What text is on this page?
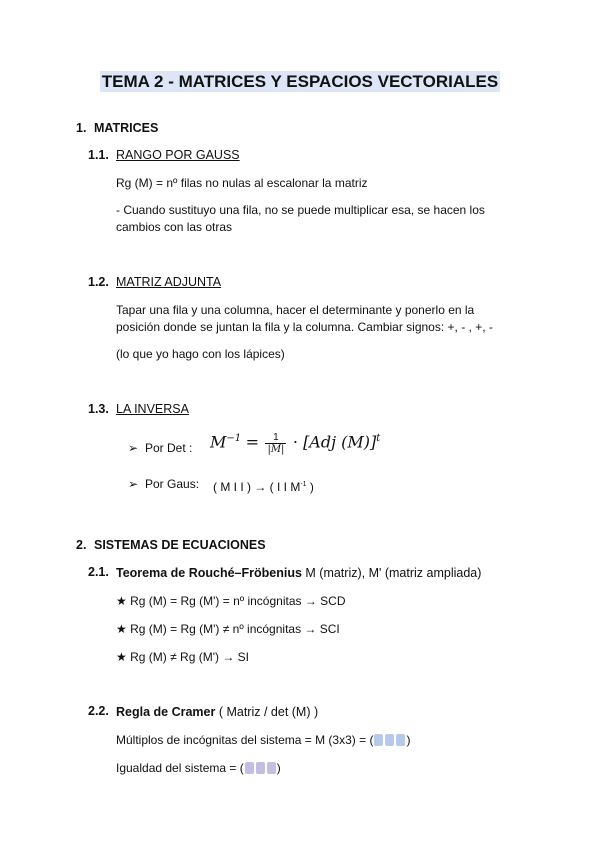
TEMA 2 - MATRICES Y ESPACIOS VECTORIALES
1. MATRICES
1.1. RANGO POR GAUSS
Rg (M) = nº filas no nulas al escalonar la matriz
- Cuando sustituyo una fila, no se puede multiplicar esa, se hacen los
cambios con las otras
1.2. MATRIZ ADJUNTA
Tapar una fila y una columna, hacer el determinante y ponerlo en la
posición donde se juntan la fila y la columna. Cambiar signos: +, - , +, -
(lo que yo hago con los lápices)
1.3. LA INVERSA
➢ Por Det : $M^{-1} = \frac{1}{|M|} \cdot [Adj$ (M)]$^t$
➢ Por Gaus: ( M I I ) → ( I I $M^{-1}$ )
2. SISTEMAS DE ECUACIONES
2.1. Teorema de Rouché–Fröbenius M (matriz), M' (matriz ampliada)
★ Rg (M) = Rg (M') = nº incógnitas → SCD
★ Rg (M) = Rg (M') ≠ nº incógnitas → SCI
★ Rg (M) ≠ Rg (M') → SI
2.2. Regla de Cramer ( Matriz / det (M) )
Múltiplos de incógnitas del sistema = M (3x3) = (	)
Igualdad del sistema = (	)
